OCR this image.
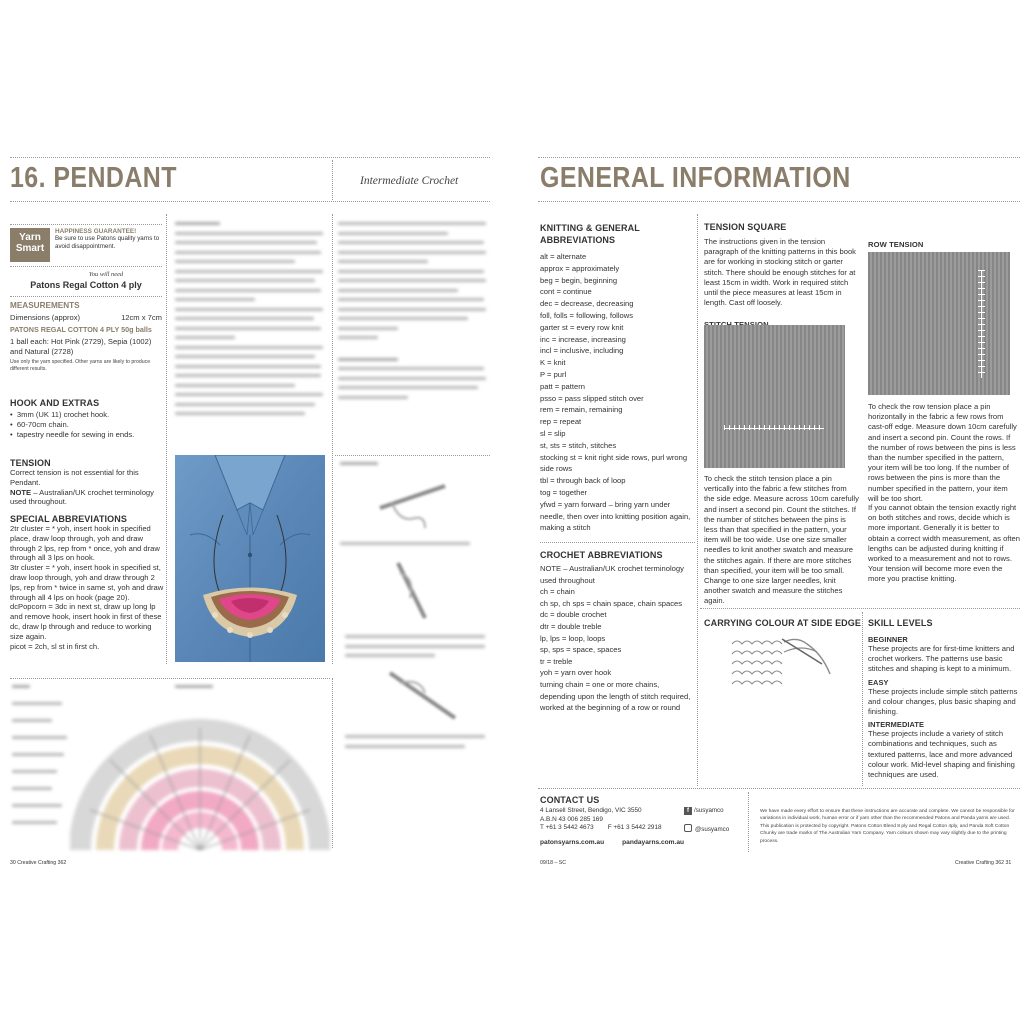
16. PENDANT	Intermediate Crochet
Yarn Smart
HAPPINESS GUARANTEE!
Be sure to use Patons quality yarns to avoid disappointment.
You will need
Patons Regal Cotton 4 ply
MEASUREMENTS
Dimensions (approx)	12cm x 7cm
PATONS REGAL COTTON 4 PLY 50g balls
1 ball each: Hot Pink (2729), Sepia (1002) and Natural (2728)
Use only the yarn specified. Other yarns are likely to produce different results.
HOOK AND EXTRAS
•  3mm (UK 11) crochet hook.
•  60-70cm chain.
•  tapestry needle for sewing in ends.
TENSION
Correct tension is not essential for this Pendant.
NOTE – Australian/UK crochet terminology used throughout.
SPECIAL ABBREVIATIONS
2tr cluster = * yoh, insert hook in specified place, draw loop through, yoh and draw through 2 lps, rep from * once, yoh and draw through all 3 lps on hook.
3tr cluster = * yoh, insert hook in specified st, draw loop through, yoh and draw through 2 lps, rep from * twice in same st, yoh and draw through all 4 lps on hook (page 20).
dcPopcorn = 3dc in next st, draw up long lp and remove hook, insert hook in first of these dc, draw lp through and reduce to working size again.
picot = 2ch, sl st in first ch.
30 Creative Crafting 362
GENERAL INFORMATION
KNITTING & GENERAL ABBREVIATIONS
alt = alternate
approx = approximately
beg = begin, beginning
cont = continue
dec = decrease, decreasing
foll, folls = following, follows
garter st = every row knit
inc = increase, increasing
incl = inclusive, including
K = knit
P = purl
patt = pattern
psso = pass slipped stitch over
rem = remain, remaining
rep = repeat
sl = slip
st, sts = stitch, stitches
stocking st = knit right side rows, purl wrong side rows
tbl = through back of loop
tog = together
yfwd = yarn forward – bring yarn under needle, then over into knitting position again, making a stitch
CROCHET ABBREVIATIONS
NOTE – Australian/UK crochet terminology used throughout
ch = chain
ch sp, ch sps = chain space, chain spaces
dc = double crochet
dtr = double treble
lp, lps = loop, loops
sp, sps = space, spaces
tr = treble
yoh = yarn over hook
turning chain = one or more chains, depending upon the length of stitch required, worked at the beginning of a row or round
TENSION SQUARE
The instructions given in the tension paragraph of the knitting patterns in this book are for working in stocking stitch or garter stitch. There should be enough stitches for at least 15cm in width. Work in required stitch until the piece measures at least 15cm in length. Cast off loosely.
To check the stitch tension place a pin vertically into the fabric a few stitches from the side edge. Measure across 10cm carefully and insert a second pin. Count the stitches. If the number of stitches between the pins is less than that specified in the pattern, your item will be too wide. Use one size smaller needles to knit another swatch and measure the stitches again. If there are more stitches than specified, your item will be too small. Change to one size larger needles, knit another swatch and measure the stitches again.
ROW TENSION
To check the row tension place a pin horizontally in the fabric a few rows from cast-off edge. Measure down 10cm carefully and insert a second pin. Count the rows. If the number of rows between the pins is less than the number specified in the pattern, your item will be too long. If the number of rows between the pins is more than the number specified in the pattern, your item will be too short.
If you cannot obtain the tension exactly right on both stitches and rows, decide which is more important. Generally it is better to obtain a correct width measurement, as often lengths can be adjusted during knitting if worked to a measurement and not to rows. Your tension will become more even the more you practise knitting.
CARRYING COLOUR AT SIDE EDGE SKILL LEVELS
BEGINNER
These projects are for first-time knitters and crochet workers. The patterns use basic stitches and shaping is kept to a minimum.
EASY
These projects include simple stitch patterns and colour changes, plus basic shaping and finishing.
INTERMEDIATE
These projects include a variety of stitch combinations and techniques, such as textured patterns, lace and more advanced colour work. Mid-level shaping and finishing techniques are used.
CONTACT US
4 Lansell Street, Bendigo, VIC 3550
A.B.N 43 006 285 169
T +61 3 5442 4673 F +61 3 5442 2918
patonsyarns.com.au	pandayarns.com.au
f /susyamco
@susyamco
We have made every effort to ensure that these instructions are accurate and complete. We cannot be responsible for variations in individual work, human error or if yarn other than the recommended Patons and Panda yarns are used. This publication is protected by copyright. Patons Cotton Blend 8 ply and Regal Cotton 4ply, and Panda Soft Cotton Chunky are trade marks of The Australian Yarn Company. Yarn colours shown may vary slightly due to the printing process.
09/18 – SC	Creative Crafting 362 31
